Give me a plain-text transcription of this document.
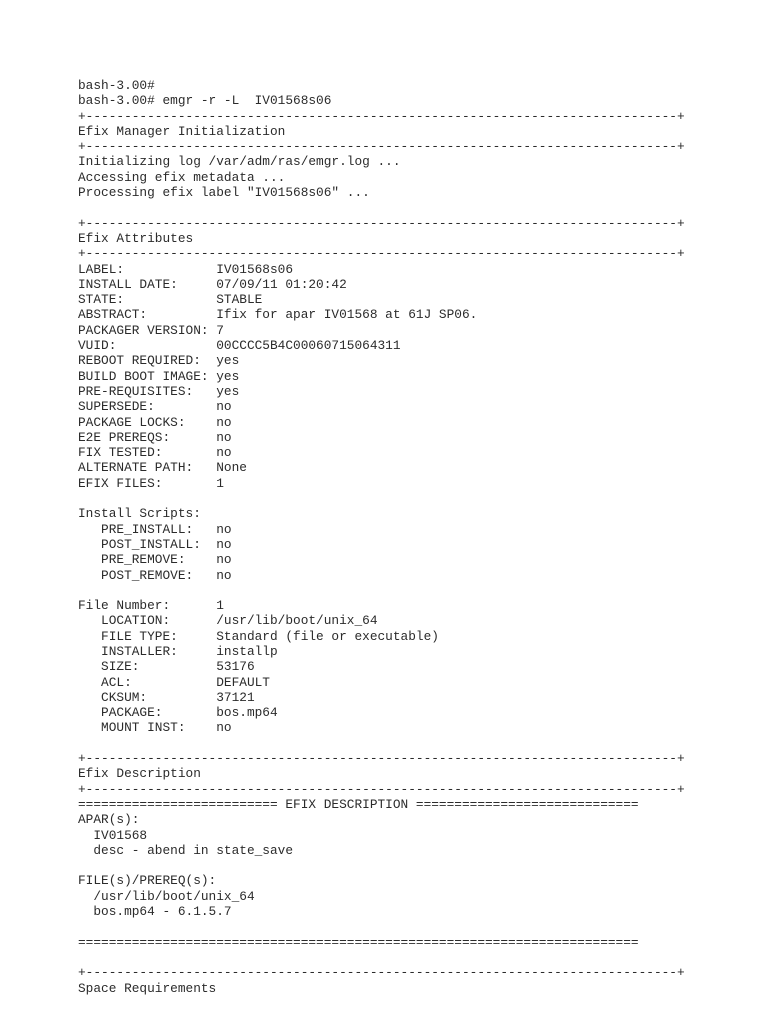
bash-3.00#
bash-3.00# emgr -r -L  IV01568s06
+-----------------------------------------------------------------------------+
Efix Manager Initialization
+-----------------------------------------------------------------------------+
Initializing log /var/adm/ras/emgr.log ...
Accessing efix metadata ...
Processing efix label "IV01568s06" ...
+-----------------------------------------------------------------------------+
Efix Attributes
+-----------------------------------------------------------------------------+
LABEL:            IV01568s06
INSTALL DATE:     07/09/11 01:20:42
STATE:            STABLE
ABSTRACT:         Ifix for apar IV01568 at 61J SP06.
PACKAGER VERSION: 7
VUID:             00CCCC5B4C00060715064311
REBOOT REQUIRED:  yes
BUILD BOOT IMAGE: yes
PRE-REQUISITES:   yes
SUPERSEDE:        no
PACKAGE LOCKS:    no
E2E PREREQS:      no
FIX TESTED:       no
ALTERNATE PATH:   None
EFIX FILES:       1
Install Scripts:
PRE_INSTALL:   no
POST_INSTALL:  no
PRE_REMOVE:    no
POST_REMOVE:   no
File Number:      1
LOCATION:      /usr/lib/boot/unix_64
FILE TYPE:     Standard (file or executable)
INSTALLER:     installp
SIZE:          53176
ACL:           DEFAULT
CKSUM:         37121
PACKAGE:       bos.mp64
MOUNT INST:    no
+-----------------------------------------------------------------------------+
Efix Description
+-----------------------------------------------------------------------------+
========================== EFIX DESCRIPTION =============================
APAR(s):
IV01568
desc - abend in state_save
FILE(s)/PREREQ(s):
/usr/lib/boot/unix_64
bos.mp64 - 6.1.5.7
=========================================================================
+-----------------------------------------------------------------------------+
Space Requirements
